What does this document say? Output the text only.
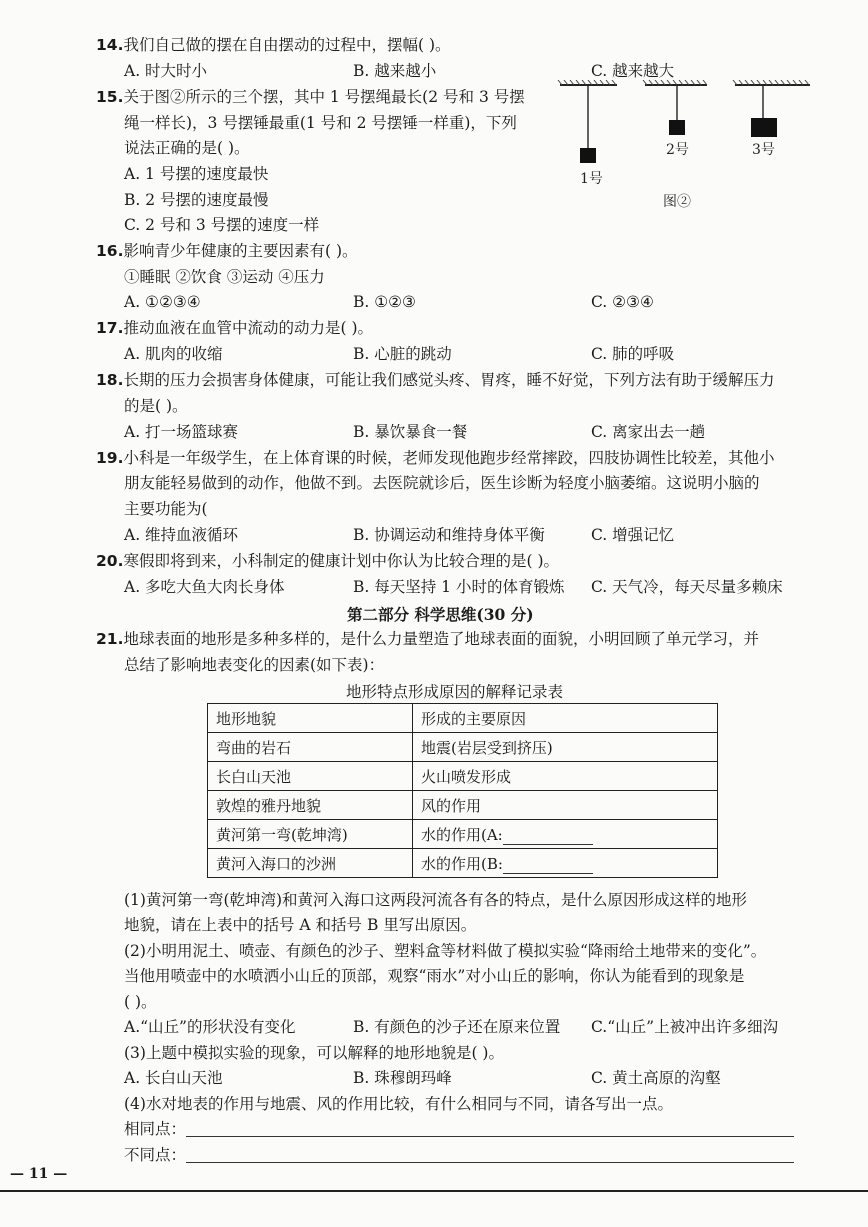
14.我们自己做的摆在自由摆动的过程中，摆幅( )。
A. 时大时小	B. 越来越小	C. 越来越大
15.关于图②所示的三个摆，其中 1 号摆绳最长(2 号和 3 号摆
绳一样长)，3 号摆锤最重(1 号和 2 号摆锤一样重)，下列
说法正确的是( )。
A. 1 号摆的速度最快
B. 2 号摆的速度最慢
C. 2 号和 3 号摆的速度一样
1号
2号	3号
图②
16.影响青少年健康的主要因素有( )。
①睡眠 ②饮食 ③运动 ④压力
A. ①②③④	B. ①②③	C. ②③④
17.推动血液在血管中流动的动力是( )。
A. 肌肉的收缩	B. 心脏的跳动	C. 肺的呼吸
18.长期的压力会损害身体健康，可能让我们感觉头疼、胃疼，睡不好觉，下列方法有助于缓解压力
的是( )。
A. 打一场篮球赛	B. 暴饮暴食一餐	C. 离家出去一趟
19.小科是一年级学生，在上体育课的时候，老师发现他跑步经常摔跤，四肢协调性比较差，其他小
朋友能轻易做到的动作，他做不到。去医院就诊后，医生诊断为轻度小脑萎缩。这说明小脑的
主要功能为(
A. 维持血液循环	B. 协调运动和维持身体平衡	C. 增强记忆
20.寒假即将到来，小科制定的健康计划中你认为比较合理的是( )。
A. 多吃大鱼大肉长身体	B. 每天坚持 1 小时的体育锻炼 C. 天气冷，每天尽量多赖床
第二部分 科学思维(30 分)
21.地球表面的地形是多种多样的，是什么力量塑造了地球表面的面貌，小明回顾了单元学习，并
总结了影响地表变化的因素(如下表)：
地形特点形成原因的解释记录表
地形地貌	形成的主要原因
弯曲的岩石	地震(岩层受到挤压)
长白山天池	火山喷发形成
敦煌的雅丹地貌	风的作用
黄河第一弯(乾坤湾)	水的作用(A:
黄河入海口的沙洲	水的作用(B:
(1)黄河第一弯(乾坤湾)和黄河入海口这两段河流各有各的特点，是什么原因形成这样的地形
地貌，请在上表中的括号 A 和括号 B 里写出原因。
(2)小明用泥土、喷壶、有颜色的沙子、塑料盒等材料做了模拟实验“降雨给土地带来的变化”。
当他用喷壶中的水喷洒小山丘的顶部，观察“雨水”对小山丘的影响，你认为能看到的现象是
( )。
A.“山丘”的形状没有变化	B. 有颜色的沙子还在原来位置 C.“山丘”上被冲出许多细沟
(3)上题中模拟实验的现象，可以解释的地形地貌是( )。
A. 长白山天池	B. 珠穆朗玛峰	C. 黄土高原的沟壑
(4)水对地表的作用与地震、风的作用比较，有什么相同与不同，请各写出一点。
相同点：
不同点：
— 11 —
